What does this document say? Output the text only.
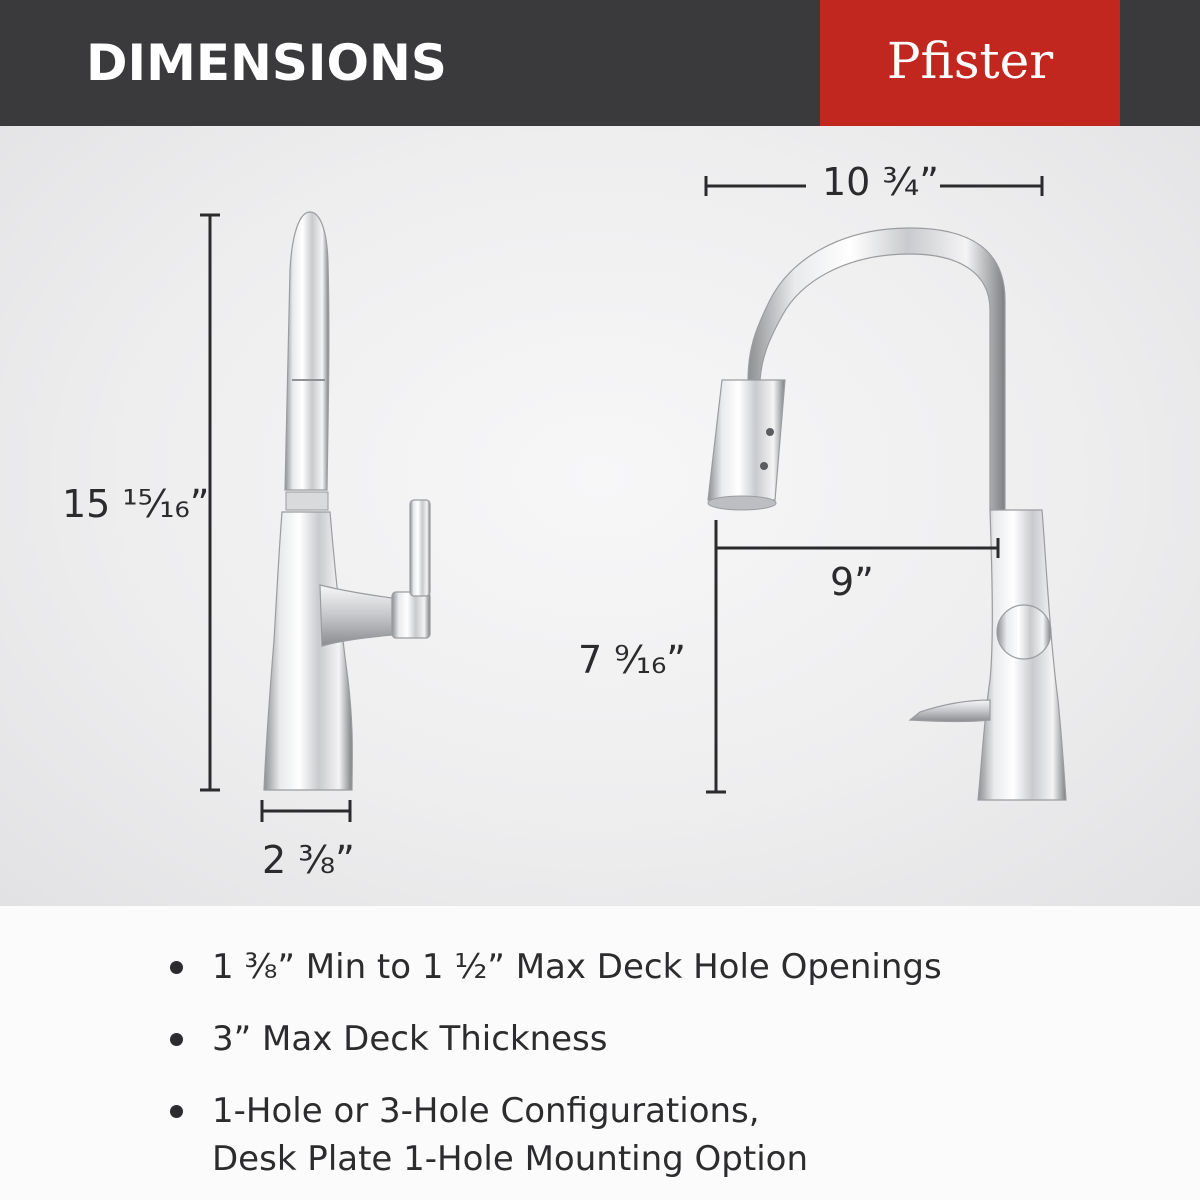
DIMENSIONS	Pfister
15 ¹⁵⁄₁₆”
2 ³⁄₈”
7 ⁹⁄₁₆”
9”
10 ³⁄₄”
1 ³⁄₈” Min to 1 ½” Max Deck Hole Openings
3” Max Deck Thickness
1-Hole or 3-Hole Configurations,
Desk Plate 1-Hole Mounting Option
